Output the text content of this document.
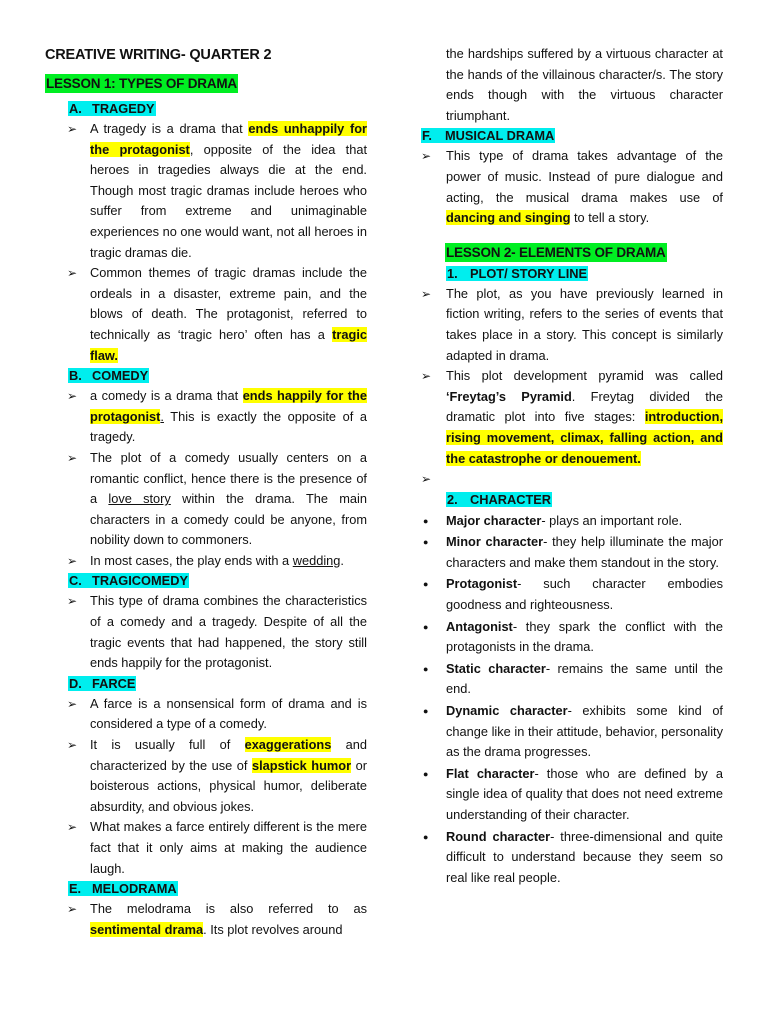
CREATIVE WRITING- QUARTER 2
LESSON 1: TYPES OF DRAMA
A. TRAGEDY
➢	A tragedy is a drama that ends unhappily for the protagonist, opposite of the idea that heroes in tragedies always die at the end. Though most tragic dramas include heroes who suffer from extreme and unimaginable experiences no one would want, not all heroes in tragic dramas die.
➢	Common themes of tragic dramas include the ordeals in a disaster, extreme pain, and the blows of death. The protagonist, referred to technically as ‘tragic hero’ often has a tragic flaw.
B. COMEDY
➢	a comedy is a drama that ends happily for the protagonist. This is exactly the opposite of a tragedy.
➢	The plot of a comedy usually centers on a romantic conflict, hence there is the presence of a love story within the drama. The main characters in a comedy could be anyone, from nobility down to commoners.
➢	In most cases, the play ends with a wedding.
C. TRAGICOMEDY
➢	This type of drama combines the characteristics of a comedy and a tragedy. Despite of all the tragic events that had happened, the story still ends happily for the protagonist.
D. FARCE
➢	A farce is a nonsensical form of drama and is considered a type of a comedy.
➢	It is usually full of exaggerations and characterized by the use of slapstick humor or boisterous actions, physical humor, deliberate absurdity, and obvious jokes.
➢	What makes a farce entirely different is the mere fact that it only aims at making the audience laugh.
E. MELODRAMA
➢	The melodrama is also referred to as sentimental drama. Its plot revolves around
the hardships suffered by a virtuous character at the hands of the villainous character/s. The story ends though with the virtuous character triumphant.
F. MUSICAL DRAMA
➢	This type of drama takes advantage of the power of music. Instead of pure dialogue and acting, the musical drama makes use of dancing and singing to tell a story.
LESSON 2- ELEMENTS OF DRAMA
1. PLOT/ STORY LINE
➢	The plot, as you have previously learned in fiction writing, refers to the series of events that takes place in a story. This concept is similarly adapted in drama.
➢	This plot development pyramid was called ‘Freytag’s Pyramid. Freytag divided the dramatic plot into five stages: introduction, rising movement, climax, falling action, and the catastrophe or denouement.
➢
2. CHARACTER
●	Major character- plays an important role.
●	Minor character- they help illuminate the major characters and make them standout in the story.
●	Protagonist- such character embodies goodness and righteousness.
●	Antagonist- they spark the conflict with the protagonists in the drama.
●	Static character- remains the same until the end.
●	Dynamic character- exhibits some kind of change like in their attitude, behavior, personality as the drama progresses.
●	Flat character- those who are defined by a single idea of quality that does not need extreme understanding of their character.
●	Round character- three-dimensional and quite difficult to understand because they seem so real like real people.
